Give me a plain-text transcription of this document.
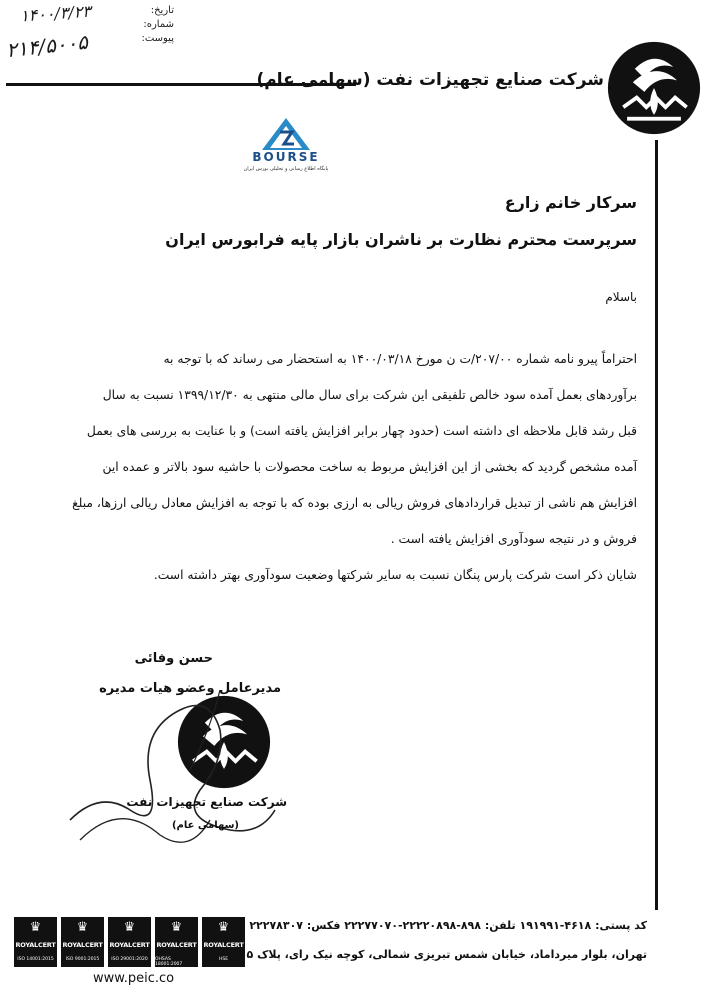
تاریخ:
شماره:
پیوست:
۱۴۰۰/۳/۲۳
۲۱۴/۵۰۰۵
شرکت صنایع تجهیزات نفت (سهامی عام)
BOURSE
پایگاه اطلاع رسانی و تحلیلی بورس ایران
سرکار خانم زارع
سرپرست محترم نظارت بر ناشران بازار پایه فرابورس ایران
باسلام
احتراماً پیرو نامه شماره ۲۰۷/۰۰/ت ن مورخ ۱۴۰۰/۰۳/۱۸ به استحضار می رساند که با توجه به
برآوردهای بعمل آمده سود خالص تلفیقی این شرکت برای سال مالی منتهی به ۱۳۹۹/۱۲/۳۰ نسبت به سال
قبل رشد قابل ملاحظه ای داشته است (حدود چهار برابر افزایش یافته است) و با عنایت به بررسی های بعمل
آمده مشخص گردید که بخشی از این افزایش مربوط به ساخت محصولات با حاشیه سود بالاتر و عمده این
افزایش هم ناشی از تبدیل قراردادهای فروش ریالی به ارزی بوده که با توجه به افزایش معادل ریالی ارزها، مبلغ
فروش و در نتیجه سودآوری افزایش یافته است .
شایان ذکر است شرکت پارس پنگان نسبت به سایر شرکتها وضعیت سودآوری بهتر داشته است.
حسن وفائی
مدیرعامل وعضو هیات مدیره
شرکت صنایع تجهیزات نفت
(سهامی عام)
کد پستی: ۴۶۱۸-۱۹۱۹۹۱ تلفن: ۸۹۸-۲۲۲۲۰۸۹۸-۲۲۲۷۷۰۷۰ فکس: ۲۲۲۷۸۳۰۷
تهران، بلوار میرداماد، خیابان شمس تبریزی شمالی، کوچه نیک رای، پلاک ۵
♛
ROYALCERT
ISO 14001:2015
♛
ROYALCERT
ISO 9001:2015
♛
ROYALCERT
ISO 29001:2020
♛
ROYALCERT
OHSAS 18001:2007
♛
ROYALCERT
HSE
www.peic.co
